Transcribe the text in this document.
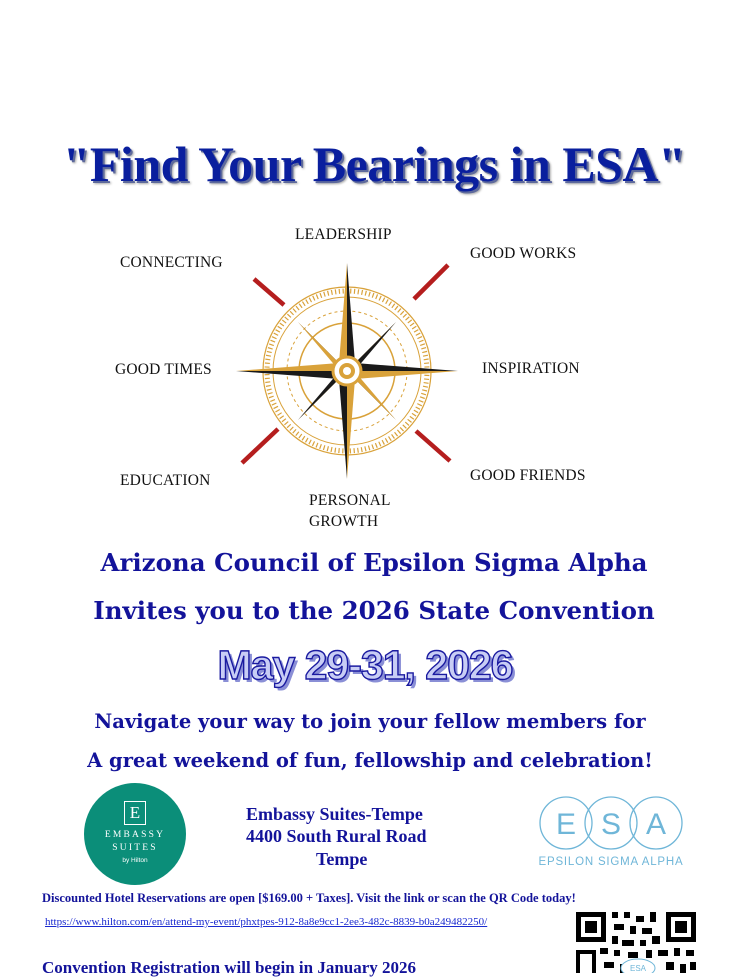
"Find Your Bearings in ESA"
LEADERSHIP
CONNECTING
GOOD WORKS
GOOD TIMES	INSPIRATION
EDUCATION	GOOD FRIENDS
PERSONAL
GROWTH
Arizona Council of Epsilon Sigma Alpha
Invites you to the 2026 State Convention
May 29-31, 2026
Navigate your way to join your fellow members for
A great weekend of fun, fellowship and celebration!
E
EMBASSY
SUITES
by Hilton
Embassy Suites-Tempe
4400 South Rural Road
Tempe
E S A
EPSILON SIGMA ALPHA
Discounted Hotel Reservations are open [$169.00 + Taxes]. Visit the link or scan the QR Code today!
https://www.hilton.com/en/attend-my-event/phxtpes-912-8a8e9cc1-2ee3-482c-8839-b0a249482250/
ESA
Convention Registration will begin in January 2026
